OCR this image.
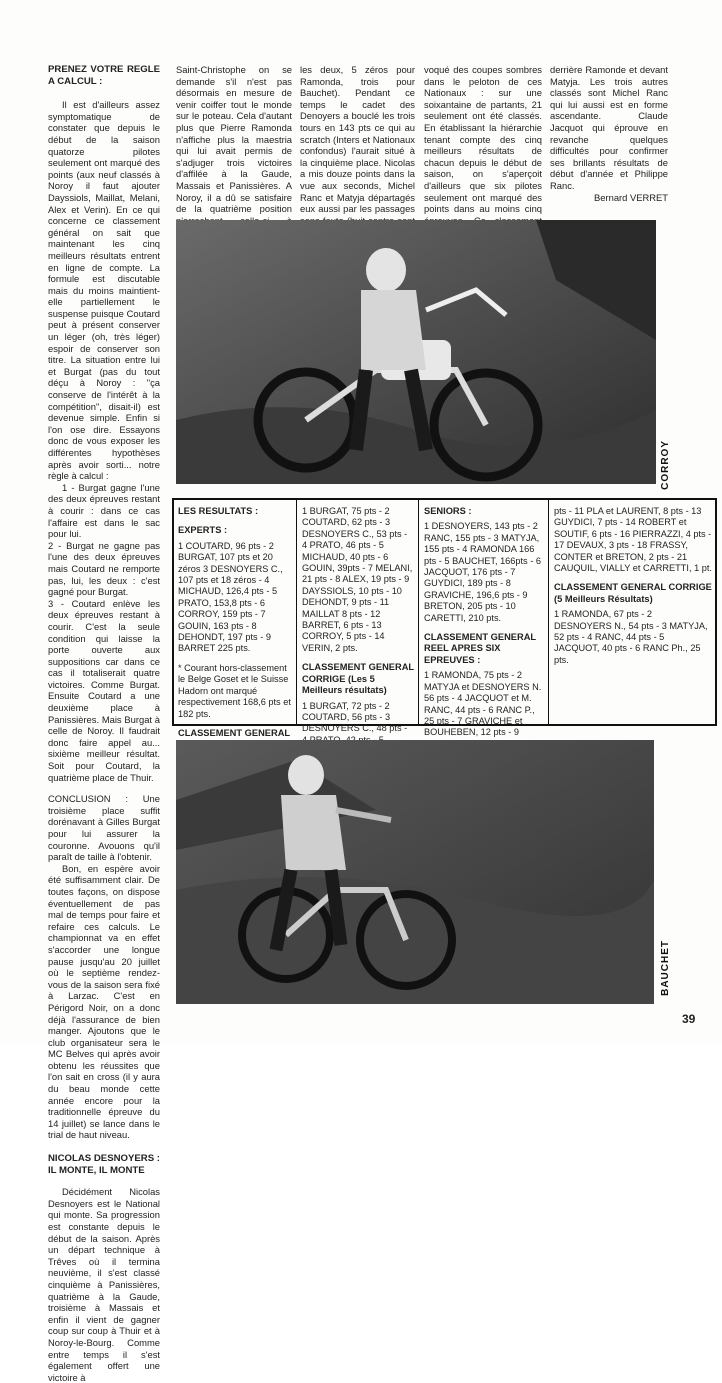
PRENEZ VOTRE REGLE A CALCUL :

Il est d'ailleurs assez symptomatique de constater que depuis le début de la saison quatorze pilotes seulement ont marqué des points (aux neuf classés à Noroy il faut ajouter Dayssiols, Maillat, Melani, Alex et Verin). En ce qui concerne ce classement général on sait que maintenant les cinq meilleurs résultats entrent en ligne de compte. La formule est discutable mais du moins maintient-elle partiellement le suspense puisque Coutard peut à présent conserver un léger (oh, très léger) espoir de conserver son titre. La situation entre lui et Burgat (pas du tout déçu à Noroy : "ça conserve de l'intérêt à la compétition", disait-il) est devenue simple. Enfin si l'on ose dire. Essayons donc de vous exposer les différentes hypothèses après avoir sorti... notre règle à calcul :

1 - Burgat gagne l'une des deux épreuves restant à courir : dans ce cas l'affaire est dans le sac pour lui.

2 - Burgat ne gagne pas l'une des deux épreuves mais Coutard ne remporte pas, lui, les deux : c'est gagné pour Burgat.

3 - Coutard enlève les deux épreuves restant à courir. C'est la seule condition qui laisse la porte ouverte aux suppositions car dans ce cas il totaliserait quatre victoires. Comme Burgat. Ensuite Coutard a une deuxième place à Panissières. Mais Burgat à celle de Noroy. Il faudrait donc faire appel au... sixième meilleur résultat. Soit pour Coutard, la quatrième place de Thuir.

CONCLUSION : Une troisième place suffit dorénavant à Gilles Burgat pour lui assurer la couronne. Avouons qu'il paraît de taille à l'obtenir.

Bon, en espère avoir été suffisamment clair. De toutes façons, on dispose éventuellement de pas mal de temps pour faire et refaire ces calculs. Le championnat va en effet s'accorder une longue pause jusqu'au 20 juillet où le septième rendez-vous de la saison sera fixé à Larzac. C'est en Périgord Noir, on a donc déjà l'assurance de bien manger. Ajoutons que le club organisateur sera le MC Belves qui après avoir obtenu les réussites que l'on sait en cross (il y aura du beau monde cette année encore pour la traditionnelle épreuve du 14 juillet) se lance dans le trial de haut niveau.

NICOLAS DESNOYERS : IL MONTE, IL MONTE

Décidément Nicolas Desnoyers est le National qui monte. Sa progression est constante depuis le début de la saison. Après un départ technique à Trêves où il termina neuvième, il s'est classé cinquième à Panissières, quatrième à la Gaude, troisième à Massais et enfin il vient de gagner coup sur coup à Thuir et à Noroy-le-Bourg. Comme entre temps il s'est également offert une victoire à

Saint-Christophe on se demande s'il n'est pas désormais en mesure de venir coiffer tout le monde sur le poteau. Cela d'autant plus que Pierre Ramonda n'affiche plus la maestria qui lui avait permis de s'adjuger trois victoires d'affilée à la Gaude, Massais et Panissières. A Noroy, il a dû se satisfaire de la quatrième position

les deux, 5 zéros pour Ramonda, trois pour Bauchet). Pendant ce temps le cadet des Denoyers a bouclé les trois tours en 143 pts ce qui au scratch (Inters et Nationaux confondus) l'aurait situé à la cinquième place. Nicolas a mis douze points dans la vue aux seconds, Michel Ranc et Matyja départagés eux aussi par les passages

voqué des coupes sombres dans le peloton de ces Nationaux : sur une soixantaine de partants, 21 seulement ont été classés. En établissant la hiérarchie tenant compte des cinq meilleurs résultats de chacun depuis le début de saison, on s'aperçoit d'ailleurs que six pilotes seulement ont marqué des points dans au moins cinq

derrière Ramonde et devant Matyja. Les trois autres classés sont Michel Ranc qui lui aussi est en forme ascendante. Claude Jacquot qui éprouve en revanche quelques difficultés pour confirmer ses brillants résultats de début d'année et Philippe Ranc.

Bernard VERRET

CORROY

LES RESULTATS :

EXPERTS :

1 COUTARD, 96 pts - 2 BURGAT, 107 pts et 20 zéros 3 DESNOYERS C., 107 pts et 18 zéros - 4 MICHAUD, 126,4 pts - 5 PRATO, 153,8 pts - 6 CORROY, 159 pts - 7 GOUIN, 163 pts - 8 DEHONDT, 197 pts - 9 BARRET 225 pts.

* Courant hors-classement le Belge Goset et le Suisse Hadorn ont marqué respectivement 168,6 pts et 182 pts.

CLASSEMENT GENERAL

1 BURGAT, 75 pts - 2 COUTARD, 62 pts - 3 DESNOYERS C., 53 pts - 4 PRATO, 46 pts - 5 MICHAUD, 40 pts - 6 GOUIN, 39pts - 7 MELANI, 21 pts - 8 ALEX, 19 pts - 9 DAYSSIOLS, 10 pts - 10 DEHONDT, 9 pts - 11 MAILLAT 8 pts - 12 BARRET, 6 pts - 13 CORROY, 5 pts - 14 VERIN, 2 pts.

CLASSEMENT GENERAL CORRIGE (Les 5 Meilleurs résultats)

1 BURGAT, 72 pts - 2 COUTARD, 56 pts - 3 DESNOYERS C., 48 pts -

SENIORS :

1 DESNOYERS, 143 pts - 2 RANC, 155 pts - 3 MATYJA, 155 pts - 4 RAMONDA 166 pts - 5 BAUCHET, 166pts - 6 JACQUOT, 176 pts - 7 GUYDICI, 189 pts - 8 GRAVICHE, 196,6 pts - 9 BRETON, 205 pts - 10 CARETTI, 210 pts.

CLASSEMENT GENERAL REEL APRES SIX EPREUVES :

1 RAMONDA, 75 pts - 2 MATYJA et DESNOYERS N. 56 pts - 4 JACQUOT et M. RANC, 44 pts - 6 RANC P., 25 pts - 7 GRAVICHE et BOUHEBEN, 12 pts - 9

pts - 11 PLA et LAURENT, 8 pts - 13 GUYDICI, 7 pts - 14 ROBERT et SOUTIF, 6 pts - 16 PIERRAZZI, 4 pts - 17 DEVAUX, 3 pts - 18 FRASSY, CONTER et BRETON, 2 pts - 21 CAUQUIL, VIALLY et CARRETTI, 1 pt.

CLASSEMENT GENERAL CORRIGE (5 Meilleurs Résultats)

1 RAMONDA, 67 pts - 2 DESNOYERS N., 54 pts - 3 MATYJA, 52 pts - 4 RANC, 44 pts - 5 JACQUOT, 40 pts - 6 RANC Ph., 25 pts.

BAUCHET
39
